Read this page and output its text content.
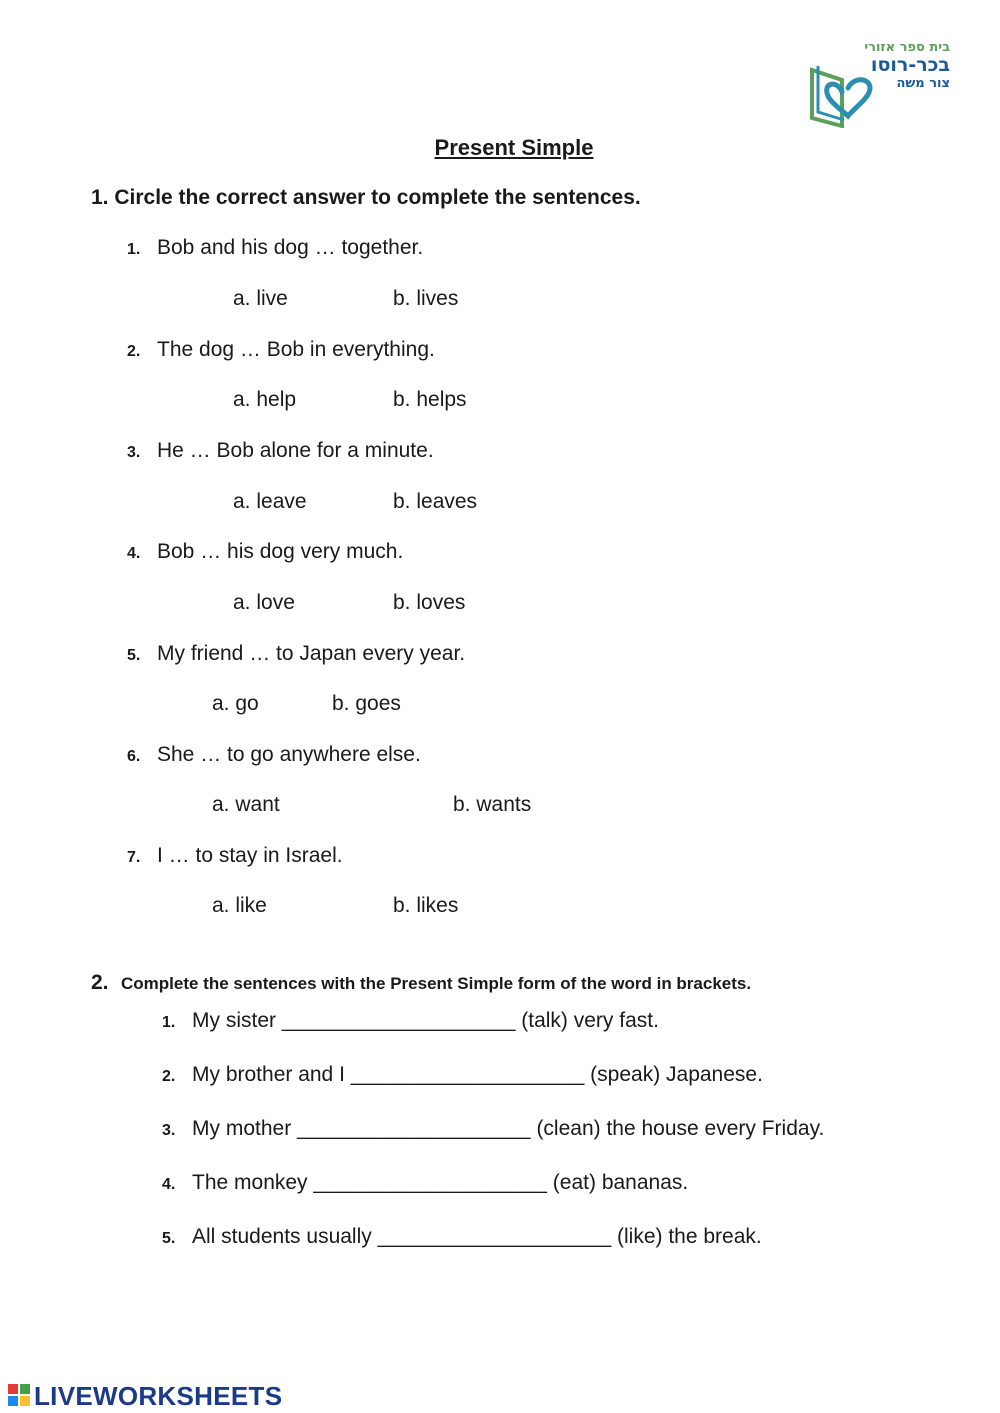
בית ספר אזורי
בכר-רוסו
צור משה
Present Simple
1. Circle the correct answer to complete the sentences.
1. Bob and his dog … together.
a. live	b. lives
2. The dog … Bob in everything.
a. help	b. helps
3. He … Bob alone for a minute.
a. leave	b. leaves
4. Bob … his dog very much.
a. love	b. loves
5. My friend … to Japan every year.
a. go	b. goes
6. She … to go anywhere else.
a. want	b. wants
7. I … to stay in Israel.
a. like	b. likes
2. Complete the sentences with the Present Simple form of the word in brackets.
1. My sister ____________________ (talk) very fast.
2. My brother and I ____________________ (speak) Japanese.
3. My mother ____________________ (clean) the house every Friday.
4. The monkey ____________________ (eat) bananas.
5. All students usually ____________________ (like) the break.
LIVEWORKSHEETS
